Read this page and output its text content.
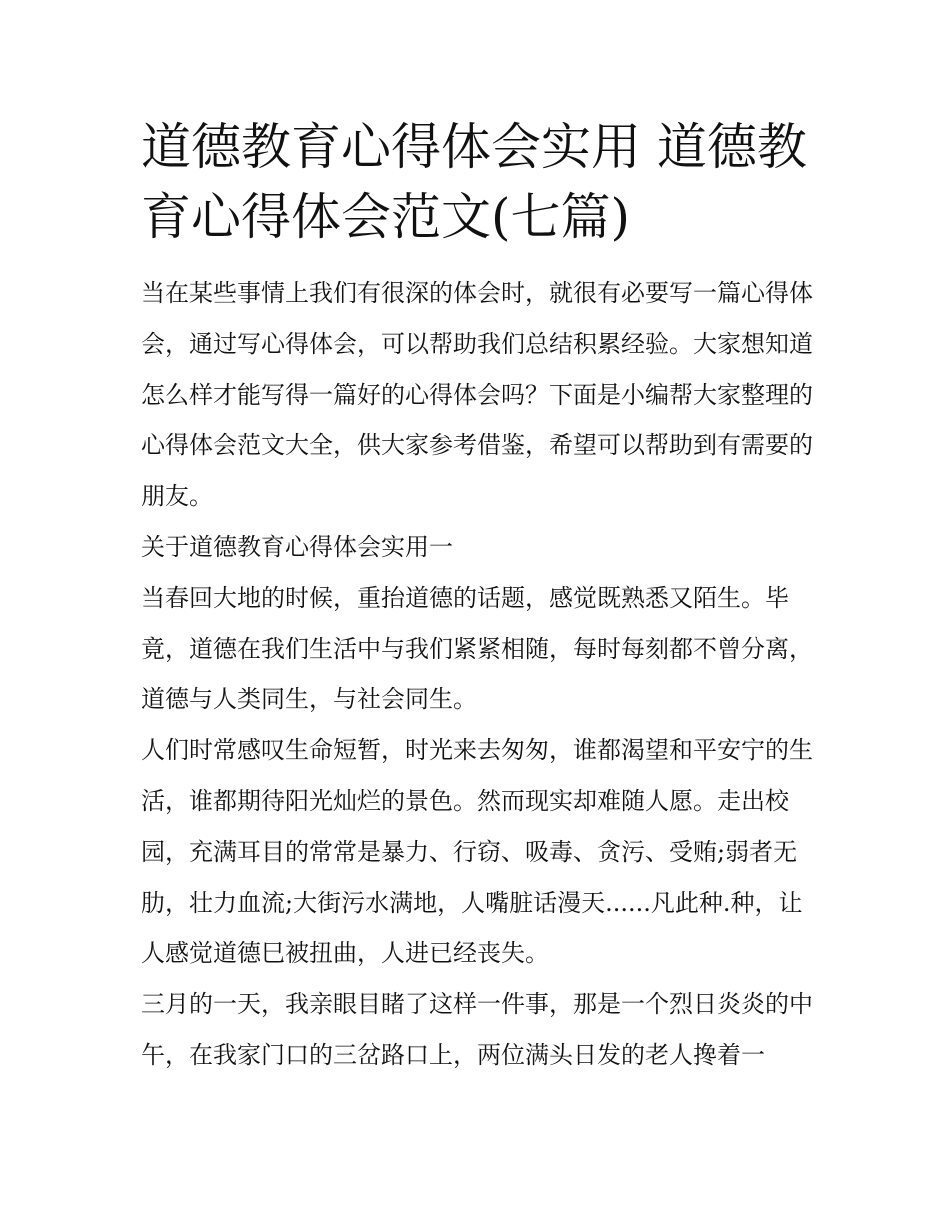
道德教育心得体会实用 道德教育心得体会范文(七篇)

当在某些事情上我们有很深的体会时，就很有必要写一篇心得体会，通过写心得体会，可以帮助我们总结积累经验。大家想知道怎么样才能写得一篇好的心得体会吗？下面是小编帮大家整理的心得体会范文大全，供大家参考借鉴，希望可以帮助到有需要的朋友。

关于道德教育心得体会实用一

当春回大地的时候，重抬道德的话题，感觉既熟悉又陌生。毕竟，道德在我们生活中与我们紧紧相随，每时每刻都不曾分离，道德与人类同生，与社会同生。

人们时常感叹生命短暂，时光来去匆匆，谁都渴望和平安宁的生活，谁都期待阳光灿烂的景色。然而现实却难随人愿。走出校园，充满耳目的常常是暴力、行窃、吸毒、贪污、受贿;弱者无肋，壮力血流;大街污水满地，人嘴脏话漫天......凡此种.种，让人感觉道德巳被扭曲，人进已经丧失。

三月的一天，我亲眼目睹了这样一件事，那是一个烈日炎炎的中午，在我家门口的三岔路口上，两位满头日发的老人搀着一
